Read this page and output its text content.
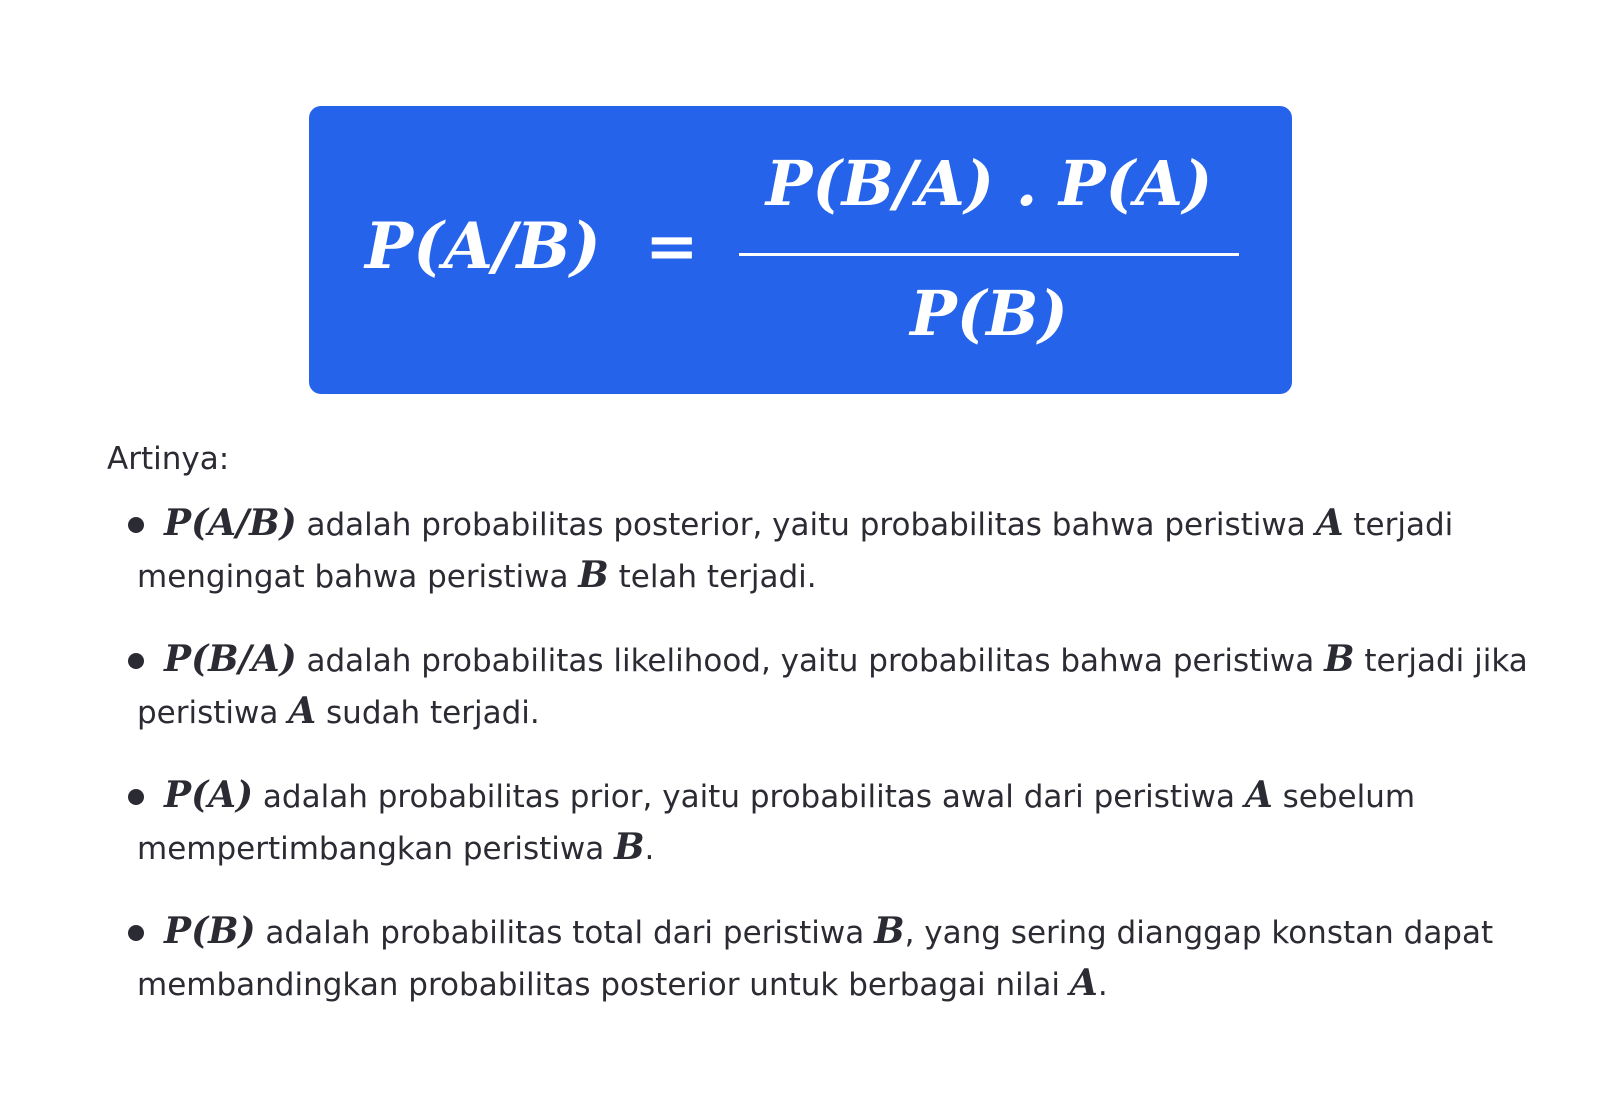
P(A/B) =
P(B/A) . P(A)
P(B)
Artinya:
P(A/B) adalah probabilitas posterior, yaitu probabilitas bahwa peristiwa A terjadi mengingat bahwa peristiwa B telah terjadi.
P(B/A) adalah probabilitas likelihood, yaitu probabilitas bahwa peristiwa B terjadi jika peristiwa A sudah terjadi.
P(A) adalah probabilitas prior, yaitu probabilitas awal dari peristiwa A sebelum mempertimbangkan peristiwa B.
P(B) adalah probabilitas total dari peristiwa B, yang sering dianggap konstan dapat membandingkan probabilitas posterior untuk berbagai nilai A.
